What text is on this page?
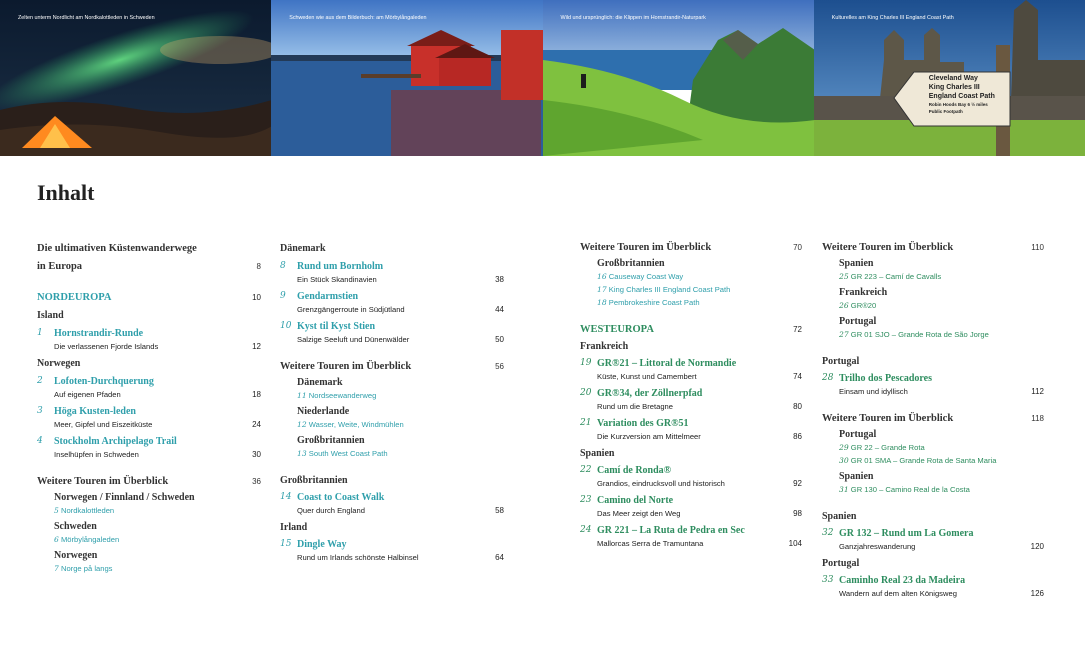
Zelten unterm Nordlicht am Nordkalottleden in Schweden	Schweden wie aus dem Bilderbuch: am Mörbylångaleden	Wild und ursprünglich: die Klippen im Hornstrandir-Naturpark	Kulturelles am King Charles III England Coast Path
Cleveland Way
King Charles III
England Coast Path
Robin Hoods Bay 6 ½ miles
Public Footpath
Inhalt
Die ultimativen Küstenwanderwege
in Europa	8
NORDEUROPA	10
Island
1 Hornstrandir-Runde
Die verlassenen Fjorde Islands	12
Norwegen
2 Lofoten-Durchquerung
Auf eigenen Pfaden	18
3 Höga Kusten-leden
Meer, Gipfel und Eiszeitküste	24
4 Stockholm Archipelago Trail
Inselhüpfen in Schweden	30
Weitere Touren im Überblick	36
Norwegen / Finnland / Schweden
5 Nordkalottleden
Schweden
6 Mörbylångaleden
Norwegen
7 Norge på langs
Dänemark
8 Rund um Bornholm
Ein Stück Skandinavien	38
9 Gendarmstien
Grenzgängerroute in Südjütland	44
10 Kyst til Kyst Stien
Salzige Seeluft und Dünenwälder	50
Weitere Touren im Überblick	56
Dänemark
11 Nordseewanderweg
Niederlande
12 Wasser, Weite, Windmühlen
Großbritannien
13 South West Coast Path
Großbritannien
14 Coast to Coast Walk
Quer durch England	58
Irland
15 Dingle Way
Rund um Irlands schönste Halbinsel	64
Weitere Touren im Überblick	70
Großbritannien
16 Causeway Coast Way
17 King Charles III England Coast Path
18 Pembrokeshire Coast Path
WESTEUROPA	72
Frankreich
19 GR®21 – Littoral de Normandie
Küste, Kunst und Camembert	74
20 GR®34, der Zöllnerpfad
Rund um die Bretagne	80
21 Variation des GR®51
Die Kurzversion am Mittelmeer	86
Spanien
22 Camí de Ronda®
Grandios, eindrucksvoll und historisch	92
23 Camino del Norte
Das Meer zeigt den Weg	98
24 GR 221 – La Ruta de Pedra en Sec
Mallorcas Serra de Tramuntana	104
Weitere Touren im Überblick	110
Spanien
25 GR 223 – Camí de Cavalls
Frankreich
26 GR®20
Portugal
27 GR 01 SJO – Grande Rota de São Jorge
Portugal
28 Trilho dos Pescadores
Einsam und idyllisch	112
Weitere Touren im Überblick	118
Portugal
29 GR 22 – Grande Rota
30 GR 01 SMA – Grande Rota de Santa Maria
Spanien
31 GR 130 – Camino Real de la Costa
Spanien
32 GR 132 – Rund um La Gomera
Ganzjahreswanderung	120
Portugal
33 Caminho Real 23 da Madeira
Wandern auf dem alten Königsweg	126
